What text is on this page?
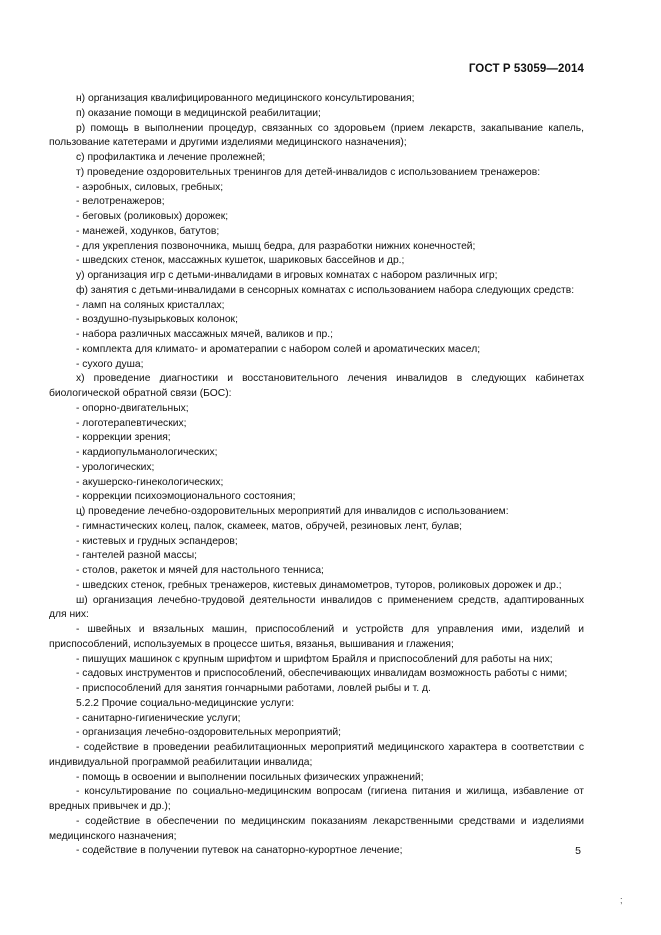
ГОСТ Р 53059—2014

н) организация квалифицированного медицинского консультирования;

п) оказание помощи в медицинской реабилитации;

р) помощь в выполнении процедур, связанных со здоровьем (прием лекарств, закапывание капель, пользование катетерами и другими изделиями медицинского назначения);

с) профилактика и лечение пролежней;

т) проведение оздоровительных тренингов для детей-инвалидов с использованием тренажеров:

- аэробных, силовых, гребных;

- велотренажеров;

- беговых (роликовых) дорожек;

- манежей, ходунков, батутов;

- для укрепления позвоночника, мышц бедра, для разработки нижних конечностей;

- шведских стенок, массажных кушеток, шариковых бассейнов и др.;

у) организация игр с детьми-инвалидами в игровых комнатах с набором различных игр;

ф) занятия с детьми-инвалидами в сенсорных комнатах с использованием набора следующих средств:

- ламп на соляных кристаллах;

- воздушно-пузырьковых колонок;

- набора различных массажных мячей, валиков и пр.;

- комплекта для климато- и ароматерапии с набором солей и ароматических масел;

- сухого душа;

х) проведение диагностики и восстановительного лечения инвалидов в следующих кабинетах биологической обратной связи (БОС):

- опорно-двигательных;

- логотерапевтических;

- коррекции зрения;

- кардиопульманологических;

- урологических;

- акушерско-гинекологических;

- коррекции психоэмоционального состояния;

ц) проведение лечебно-оздоровительных мероприятий для инвалидов с использованием:

- гимнастических колец, палок, скамеек, матов, обручей, резиновых лент, булав;

- кистевых и грудных эспандеров;

- гантелей разной массы;

- столов, ракеток и мячей для настольного тенниса;

- шведских стенок, гребных тренажеров, кистевых динамометров, туторов, роликовых дорожек и др.;

ш) организация лечебно-трудовой деятельности инвалидов с применением средств, адаптированных для них:

- швейных и вязальных машин, приспособлений и устройств для управления ими, изделий и приспособлений, используемых в процессе шитья, вязанья, вышивания и глажения;

- пишущих машинок с крупным шрифтом и шрифтом Брайля и приспособлений для работы на них;

- садовых инструментов и приспособлений, обеспечивающих инвалидам возможность работы с ними;

- приспособлений для занятия гончарными работами, ловлей рыбы и т. д.

5.2.2 Прочие социально-медицинские услуги:

- санитарно-гигиенические услуги;

- организация лечебно-оздоровительных мероприятий;

- содействие в проведении реабилитационных мероприятий медицинского характера в соответствии с индивидуальной программой реабилитации инвалида;

- помощь в освоении и выполнении посильных физических упражнений;

- консультирование по социально-медицинским вопросам (гигиена питания и жилища, избавление от вредных привычек и др.);

- содействие в обеспечении по медицинским показаниям лекарственными средствами и изделиями медицинского назначения;

- содействие в получении путевок на санаторно-курортное лечение;	5
;
